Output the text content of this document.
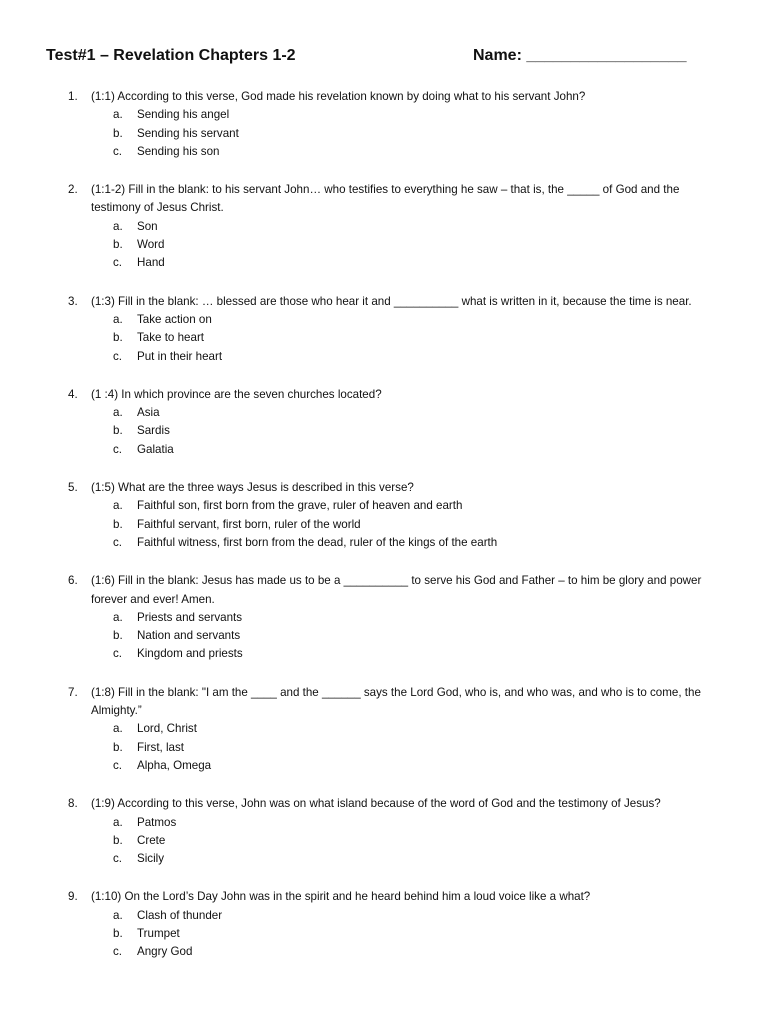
Test#1 – Revelation Chapters 1-2	Name: __________________
1. (1:1) According to this verse, God made his revelation known by doing what to his servant John?
a. Sending his angel
b. Sending his servant
c. Sending his son
2. (1:1-2) Fill in the blank: to his servant John… who testifies to everything he saw – that is, the _____ of God and the testimony of Jesus Christ.
a. Son
b. Word
c. Hand
3. (1:3) Fill in the blank: … blessed are those who hear it and __________ what is written in it, because the time is near.
a. Take action on
b. Take to heart
c. Put in their heart
4. (1 :4) In which province are the seven churches located?
a. Asia
b. Sardis
c. Galatia
5. (1:5) What are the three ways Jesus is described in this verse?
a. Faithful son, first born from the grave, ruler of heaven and earth
b. Faithful servant, first born, ruler of the world
c. Faithful witness, first born from the dead, ruler of the kings of the earth
6. (1:6) Fill in the blank: Jesus has made us to be a __________ to serve his God and Father – to him be glory and power forever and ever! Amen.
a. Priests and servants
b. Nation and servants
c. Kingdom and priests
7. (1:8) Fill in the blank: "I am the ____ and the ______ says the Lord God, who is, and who was, and who is to come, the Almighty.”
a. Lord, Christ
b. First, last
c. Alpha, Omega
8. (1:9) According to this verse, John was on what island because of the word of God and the testimony of Jesus?
a. Patmos
b. Crete
c. Sicily
9. (1:10) On the Lord’s Day John was in the spirit and he heard behind him a loud voice like a what?
a. Clash of thunder
b. Trumpet
c. Angry God
